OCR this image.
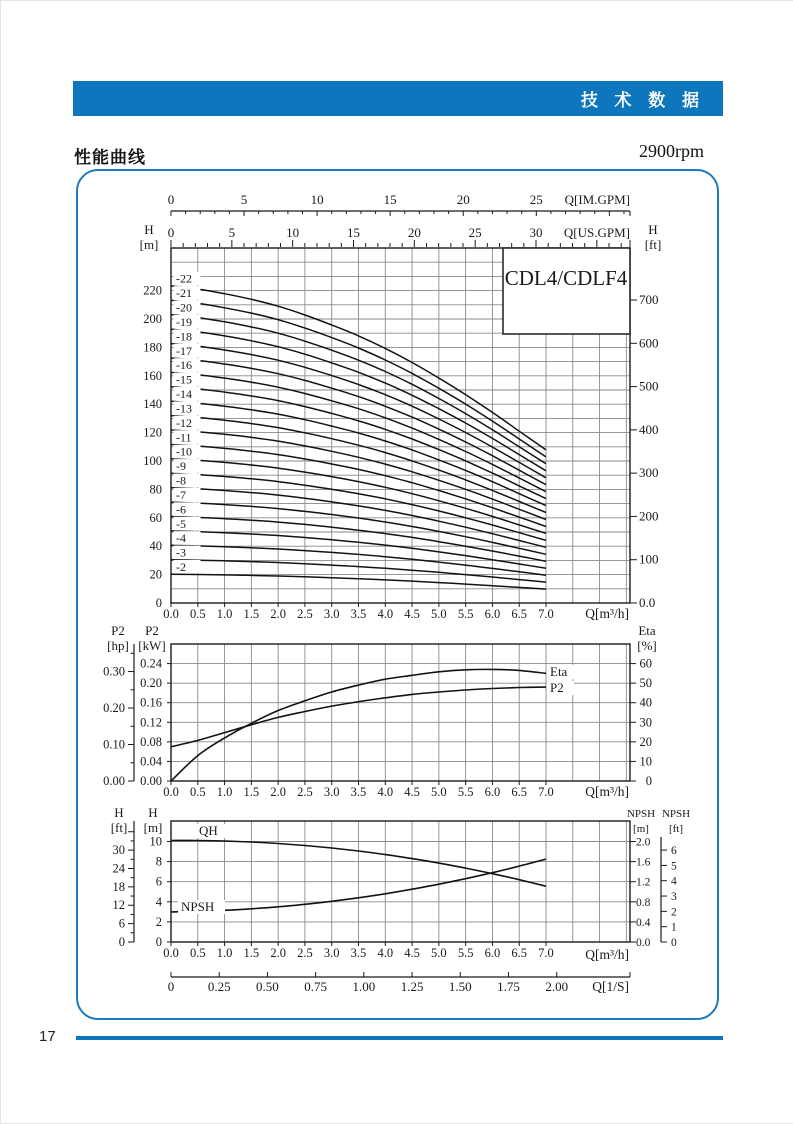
技 术 数 据
性能曲线	2900rpm
0	5	10	15	20	25 Q[IM.GPM]
0	5	10	15	20	25	30 Q[US.GPM]
H
[m]
H
[ft]
0
20
40
60
80
100
120
140
160
180
200
220
0.0
100
200
300
400
500
600
700
CDL4/CDLF4
-22
-21
-20
-19
-18
-17
-16
-15
-14
-13
-12
-11
-10
-9
-8
-7
-6
-5
-4
-3
-2
0.0 0.5 1.0 1.5 2.0 2.5 3.0 3.5 4.0 4.5 5.0 5.5 6.0 6.5 7.0 Q[m³/h]
P2
[hp]
P2
[kW]
Eta
[%]
0.00
0.10
0.20
0.30
0.00
0.04
0.08
0.12
0.16
0.20
0.24
0
10
20
30
40
50
60
Eta
P2
0.0 0.5 1.0 1.5 2.0 2.5 3.0 3.5 4.0 4.5 5.0 5.5 6.0 6.5 7.0 Q[m³/h]
H
[ft]
H
[m]
NPSH
[m]
NPSH
[ft]
0
6
12
18
24
30
0
2
4
6
8
10
0.0
0.4
0.8
1.2
1.6
2.0
0
1
2
3
4
5
6
QH
NPSH
0.0 0.5 1.0 1.5 2.0 2.5 3.0 3.5 4.0 4.5 5.0 5.5 6.0 6.5 7.0 Q[m³/h]
0	0.25 0.50 0.75 1.00 1.25 1.50 1.75 2.00 Q[1/S]
17
